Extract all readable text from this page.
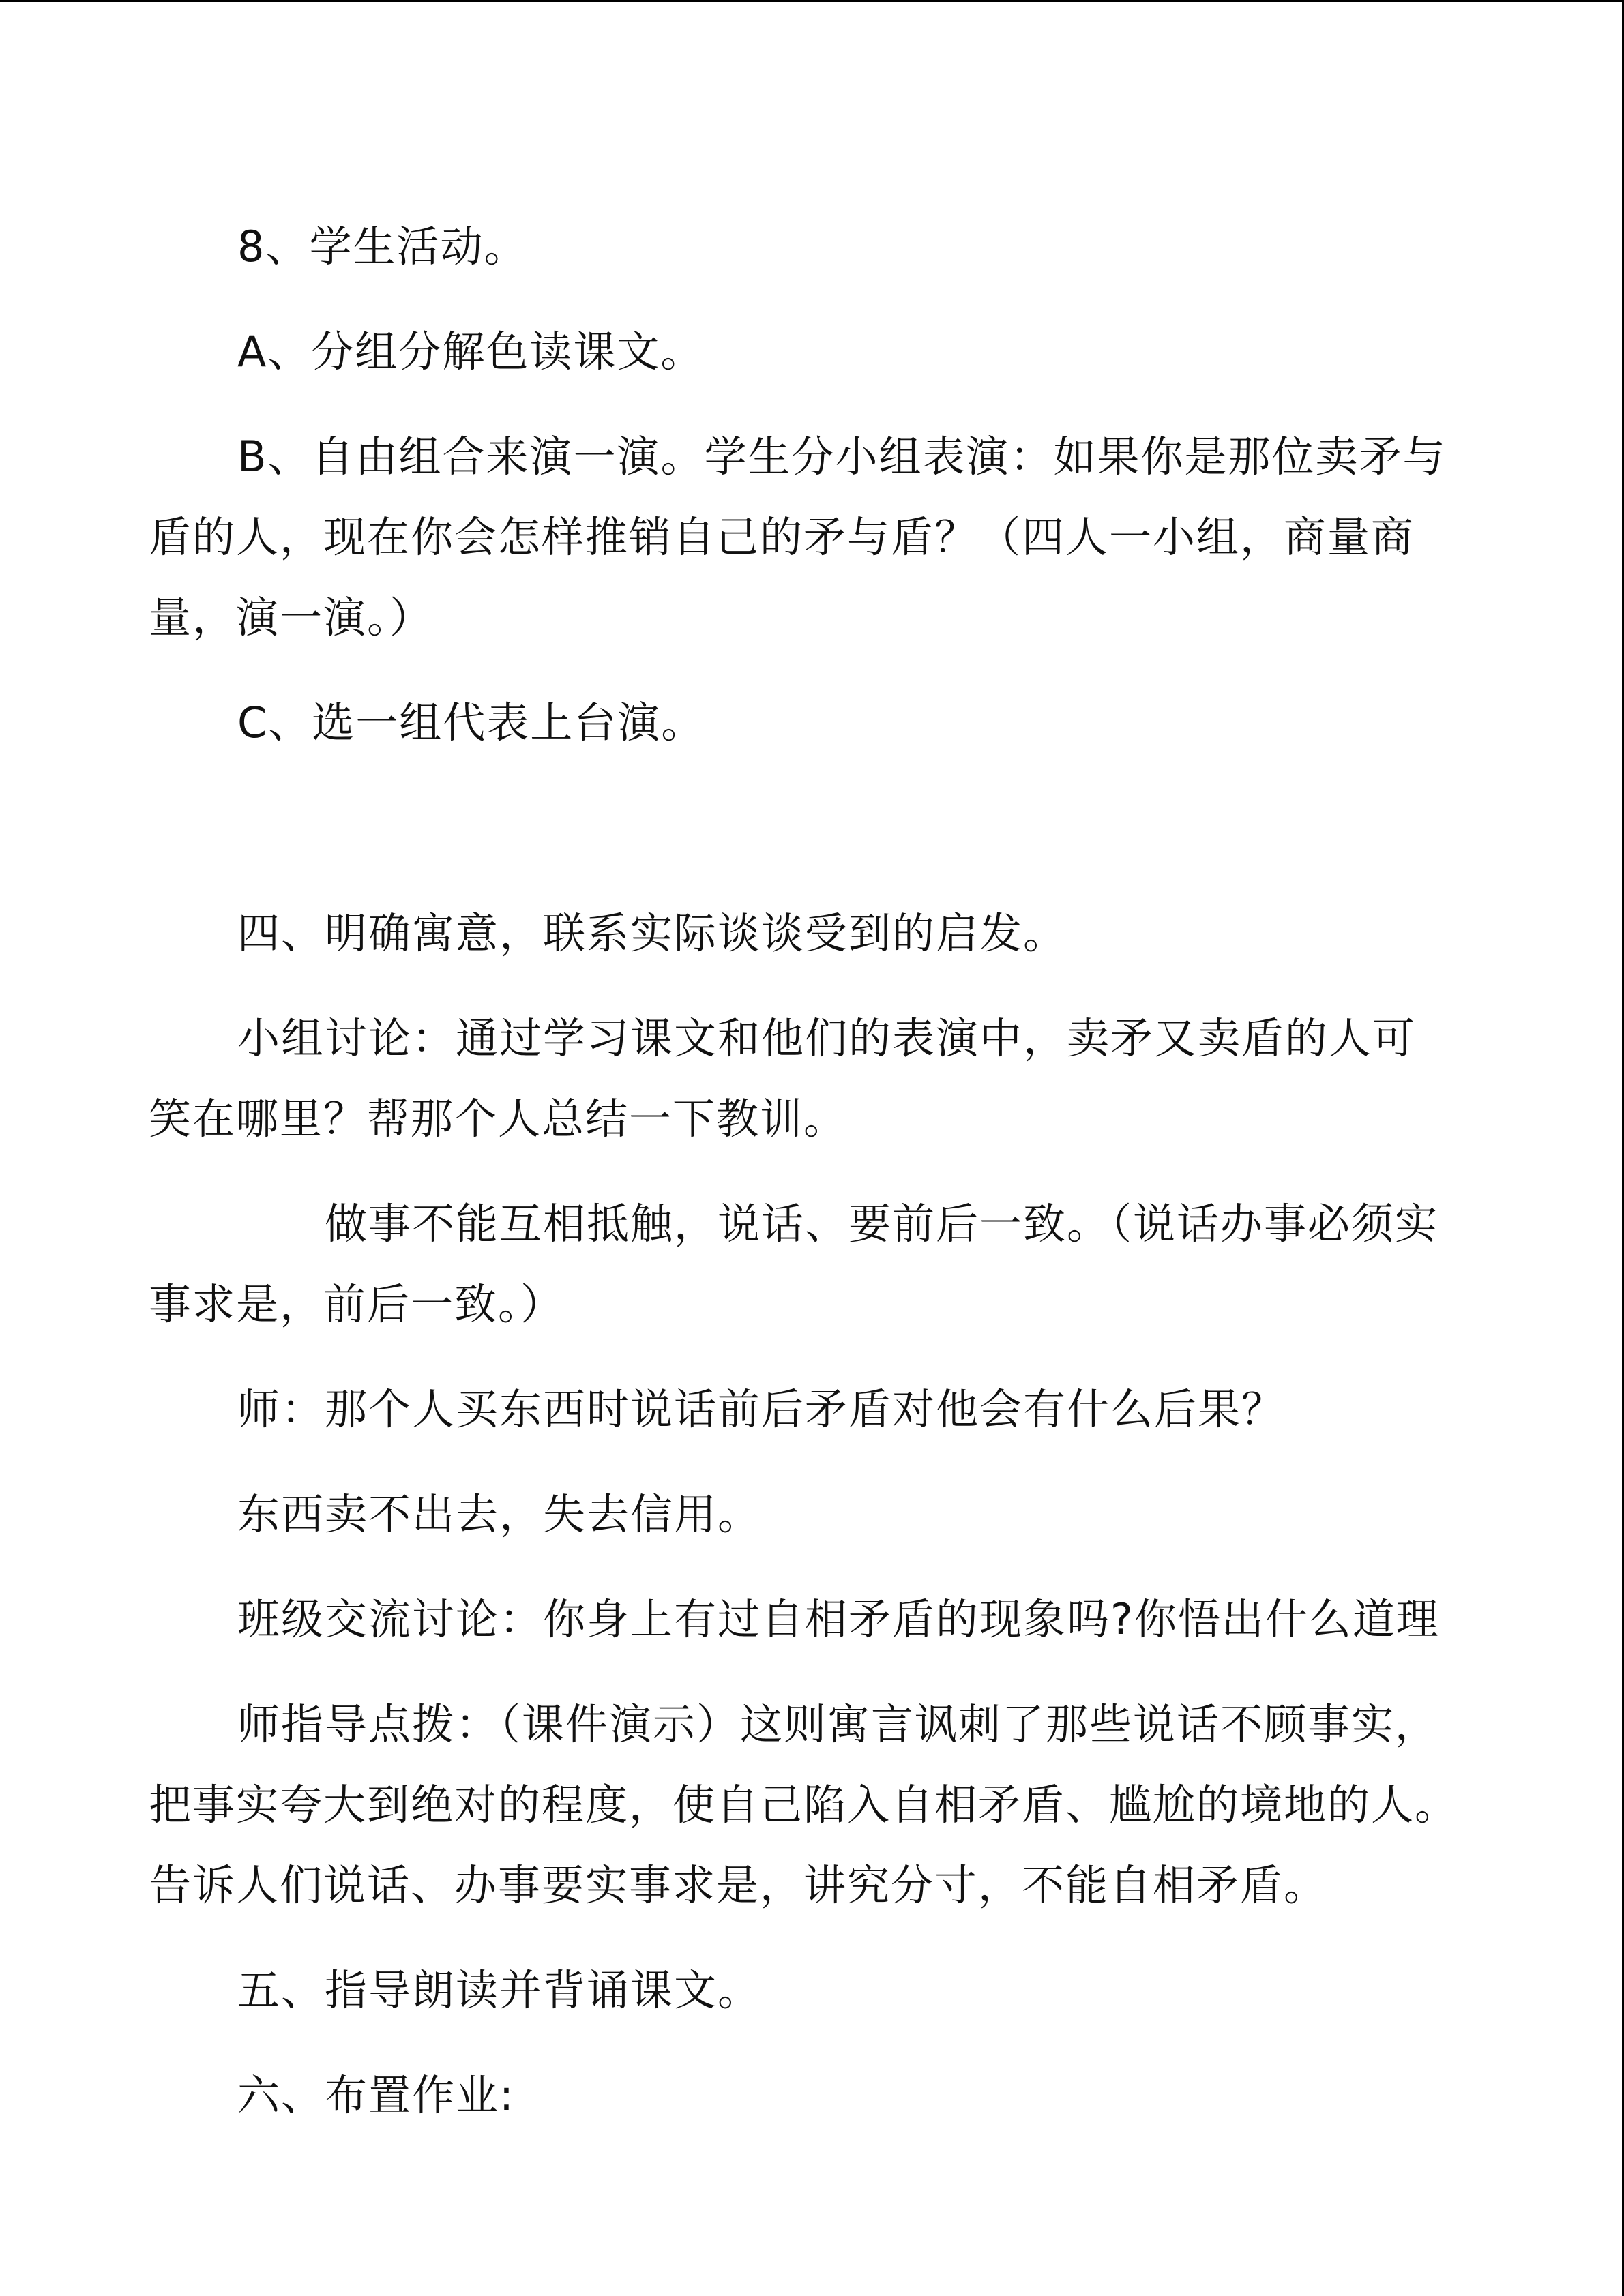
8、学生活动。

A、分组分解色读课文。

B、自由组合来演一演。学生分小组表演：如果你是那位卖矛与盾的人，现在你会怎样推销自己的矛与盾？（四人一小组，商量商量，演一演。）

C、选一组代表上台演。

四、明确寓意，联系实际谈谈受到的启发。

小组讨论：通过学习课文和他们的表演中，卖矛又卖盾的人可笑在哪里？帮那个人总结一下教训。

做事不能互相抵触，说话、要前后一致。（说话办事必须实事求是，前后一致。）

师：那个人买东西时说话前后矛盾对他会有什么后果？

东西卖不出去，失去信用。

班级交流讨论：你身上有过自相矛盾的现象吗?你悟出什么道理

师指导点拨：（课件演示）这则寓言讽刺了那些说话不顾事实，把事实夸大到绝对的程度，使自己陷入自相矛盾、尴尬的境地的人。告诉人们说话、办事要实事求是，讲究分寸，不能自相矛盾。

五、指导朗读并背诵课文。

六、布置作业:
